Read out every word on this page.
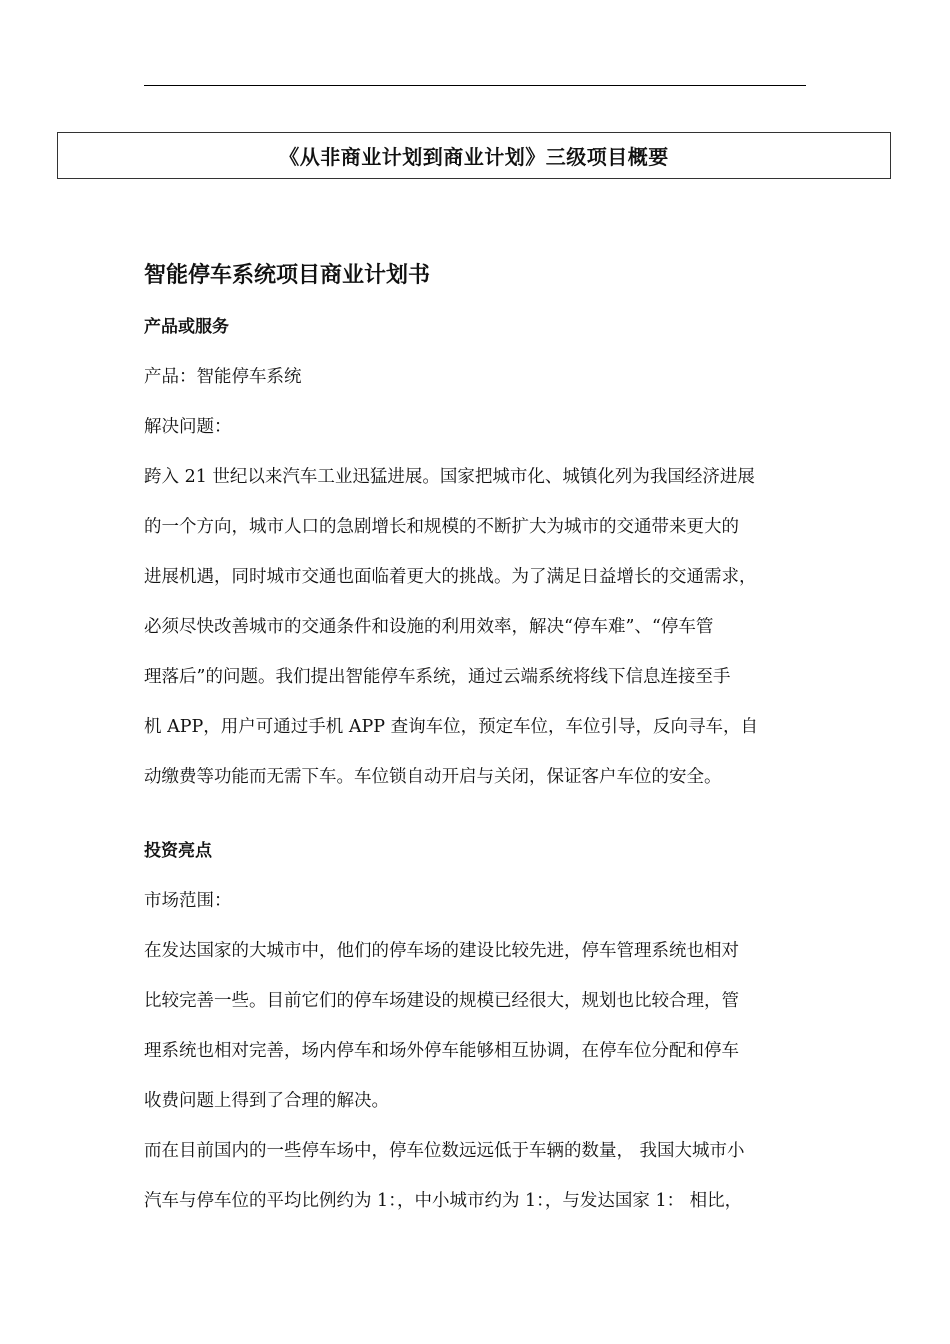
《从非商业计划到商业计划》三级项目概要
智能停车系统项目商业计划书
产品或服务

产品：智能停车系统

解决问题：

跨入 21 世纪以来汽车工业迅猛进展。国家把城市化、城镇化列为我国经济进展

的一个方向，城市人口的急剧增长和规模的不断扩大为城市的交通带来更大的

进展机遇，同时城市交通也面临着更大的挑战。为了满足日益增长的交通需求，

必须尽快改善城市的交通条件和设施的利用效率，解决“停车难”、“停车管

理落后”的问题。我们提出智能停车系统，通过云端系统将线下信息连接至手

机 APP，用户可通过手机 APP 查询车位，预定车位，车位引导，反向寻车，自

动缴费等功能而无需下车。车位锁自动开启与关闭，保证客户车位的安全。

投资亮点

市场范围：

在发达国家的大城市中，他们的停车场的建设比较先进，停车管理系统也相对

比较完善一些。目前它们的停车场建设的规模已经很大，规划也比较合理，管

理系统也相对完善，场内停车和场外停车能够相互协调，在停车位分配和停车

收费问题上得到了合理的解决。

而在目前国内的一些停车场中，停车位数远远低于车辆的数量， 我国大城市小

汽车与停车位的平均比例约为 1：，中小城市约为 1：，与发达国家 1： 相比，
